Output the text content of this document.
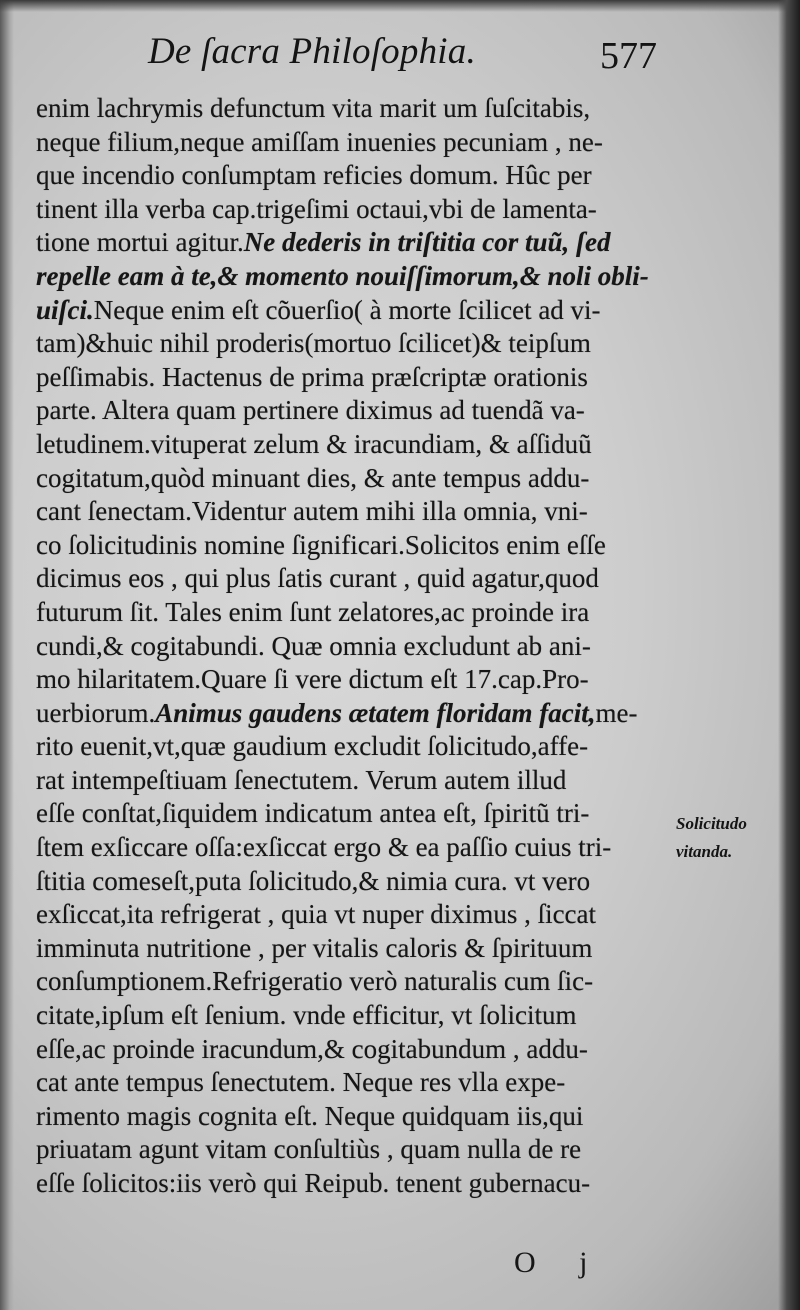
De ſacra Philoſophia.	577
enim lachrymis defunctum vita marit um ſuſcitabis,
neque filium,neque amiſſam inuenies pecuniam , ne-
que incendio conſumptam reficies domum. Hûc per
tinent illa verba cap.trigeſimi octaui,vbi de lamenta-
tione mortui agitur.Ne dederis in triſtitia cor tuũ, ſed
repelle eam à te,& momento nouiſſimorum,& noli obli-
uiſci.Neque enim eſt cõuerſio( à morte ſcilicet ad vi-
tam)&huic nihil proderis(mortuo ſcilicet)& teipſum
peſſimabis. Hactenus de prima præſcriptæ orationis
parte. Altera quam pertinere diximus ad tuendã va-
letudinem.vituperat zelum & iracundiam, & aſſiduũ
cogitatum,quòd minuant dies, & ante tempus addu-
cant ſenectam.Videntur autem mihi illa omnia, vni-
co ſolicitudinis nomine ſignificari.Solicitos enim eſſe
dicimus eos , qui plus ſatis curant , quid agatur,quod
futurum ſit. Tales enim ſunt zelatores,ac proinde ira
cundi,& cogitabundi. Quæ omnia excludunt ab ani-
mo hilaritatem.Quare ſi vere dictum eſt 17.cap.Pro-
uerbiorum.Animus gaudens ætatem floridam facit,me-
rito euenit,vt,quæ gaudium excludit ſolicitudo,affe-
rat intempeſtiuam ſenectutem. Verum autem illud
eſſe conſtat,ſiquidem indicatum antea eſt, ſpiritũ tri-
ſtem exſiccare oſſa:exſiccat ergo & ea paſſio cuius tri-
ſtitia comeseſt,puta ſolicitudo,& nimia cura. vt vero
exſiccat,ita refrigerat , quia vt nuper diximus , ſiccat
imminuta nutritione , per vitalis caloris & ſpirituum
conſumptionem.Refrigeratio verò naturalis cum ſic-
citate,ipſum eſt ſenium. vnde efficitur, vt ſolicitum
eſſe,ac proinde iracundum,& cogitabundum , addu-
cat ante tempus ſenectutem. Neque res vlla expe-
rimento magis cognita eſt. Neque quidquam iis,qui
priuatam agunt vitam conſultiùs , quam nulla de re
eſſe ſolicitos:iis verò qui Reipub. tenent gubernacu-
Solicitudo
vitanda.
O j
